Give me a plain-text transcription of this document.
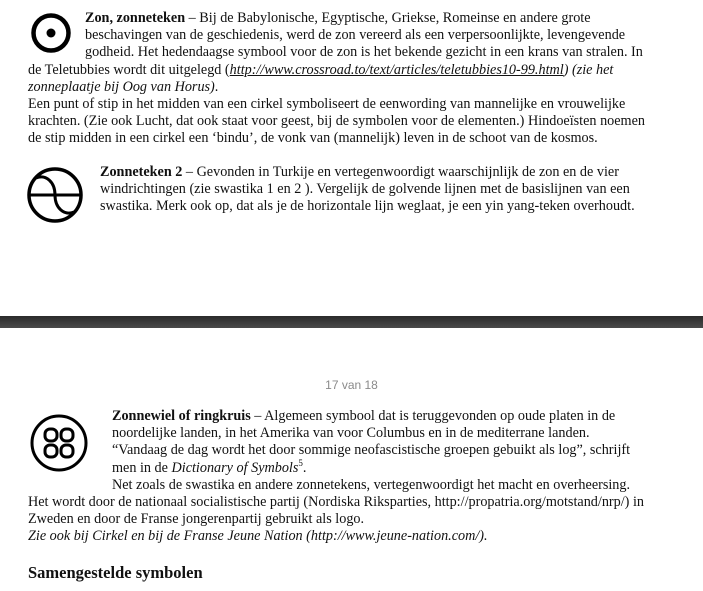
Zon, zonneteken – Bij de Babylonische, Egyptische, Griekse, Romeinse en andere grote
beschavingen van de geschiedenis, werd de zon vereerd als een verpersoonlijkte, levengevende
godheid. Het hedendaagse symbool voor de zon is het bekende gezicht in een krans van stralen. In
de Teletubbies wordt dit uitgelegd (http://www.crossroad.to/text/articles/teletubbies10-99.html) (zie het
zonneplaatje bij Oog van Horus).
Een punt of stip in het midden van een cirkel symboliseert de eenwording van mannelijke en vrouwelijke
krachten. (Zie ook Lucht, dat ook staat voor geest, bij de symbolen voor de elementen.) Hindoeïsten noemen
de stip midden in een cirkel een ‘bindu’, de vonk van (mannelijk) leven in de schoot van de kosmos.
Zonneteken 2 – Gevonden in Turkije en vertegenwoordigt waarschijnlijk de zon en de vier
windrichtingen (zie swastika 1 en 2 ). Vergelijk de golvende lijnen met de basislijnen van een
swastika. Merk ook op, dat als je de horizontale lijn weglaat, je een yin yang-teken overhoudt.
17 van 18
Zonnewiel of ringkruis – Algemeen symbool dat is teruggevonden op oude platen in de
noordelijke landen, in het Amerika van voor Columbus en in de mediterrane landen.
“Vandaag de dag wordt het door sommige neofascistische groepen gebuikt als log”, schrijft
men in de Dictionary of Symbols$^5$.
Net zoals de swastika en andere zonnetekens, vertegenwoordigt het macht en overheersing.
Het wordt door de nationaal socialistische partij (Nordiska Riksparties, http://propatria.org/motstand/nrp/) in
Zweden en door de Franse jongerenpartij gebruikt als logo.
Zie ook bij Cirkel en bij de Franse Jeune Nation (http://www.jeune-nation.com/).
Samengestelde symbolen
